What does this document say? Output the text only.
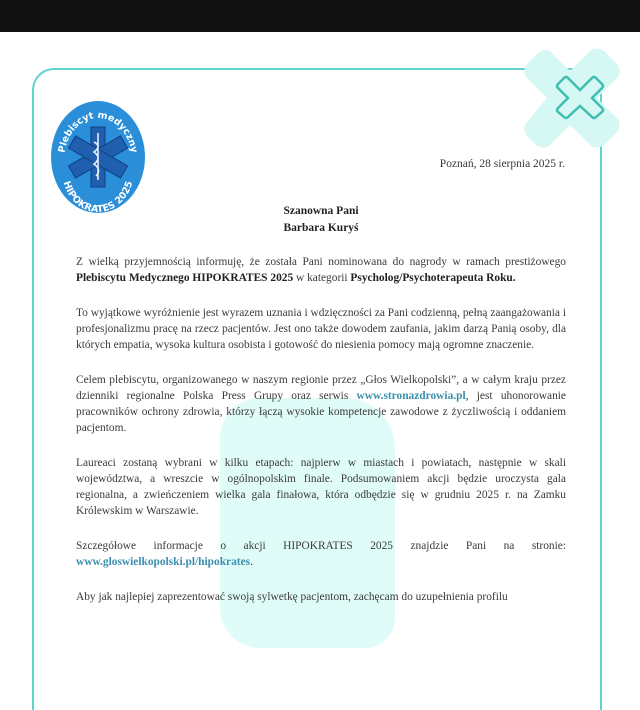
Plebiscyt medyczny
HIPOKRATES 2025
Poznań, 28 sierpnia 2025 r.
Szanowna Pani
Barbara Kuryś

Z wielką przyjemnością informuję, że została Pani nominowana do nagrody w ramach prestiżowego Plebiscytu Medycznego HIPOKRATES 2025 w kategorii Psycholog/Psychoterapeuta Roku.

To wyjątkowe wyróżnienie jest wyrazem uznania i wdzięczności za Pani codzienną, pełną zaangażowania i profesjonalizmu pracę na rzecz pacjentów. Jest ono także dowodem zaufania, jakim darzą Panią osoby, dla których empatia, wysoka kultura osobista i gotowość do niesienia pomocy mają ogromne znaczenie.

Celem plebiscytu, organizowanego w naszym regionie przez „Głos Wielkopolski”, a w całym kraju przez dzienniki regionalne Polska Press Grupy oraz serwis www.stronazdrowia.pl, jest uhonorowanie pracowników ochrony zdrowia, którzy łączą wysokie kompetencje zawodowe z życzliwością i oddaniem pacjentom.

Laureaci zostaną wybrani w kilku etapach: najpierw w miastach i powiatach, następnie w skali województwa, a wreszcie w ogólnopolskim finale. Podsumowaniem akcji będzie uroczysta gala regionalna, a zwieńczeniem wielka gala finałowa, która odbędzie się w grudniu 2025 r. na Zamku Królewskim w Warszawie.

Szczegółowe informacje o akcji HIPOKRATES 2025 znajdzie Pani na stronie: www.gloswielkopolski.pl/hipokrates.

Aby jak najlepiej zaprezentować swoją sylwetkę pacjentom, zachęcam do uzupełnienia profilu
